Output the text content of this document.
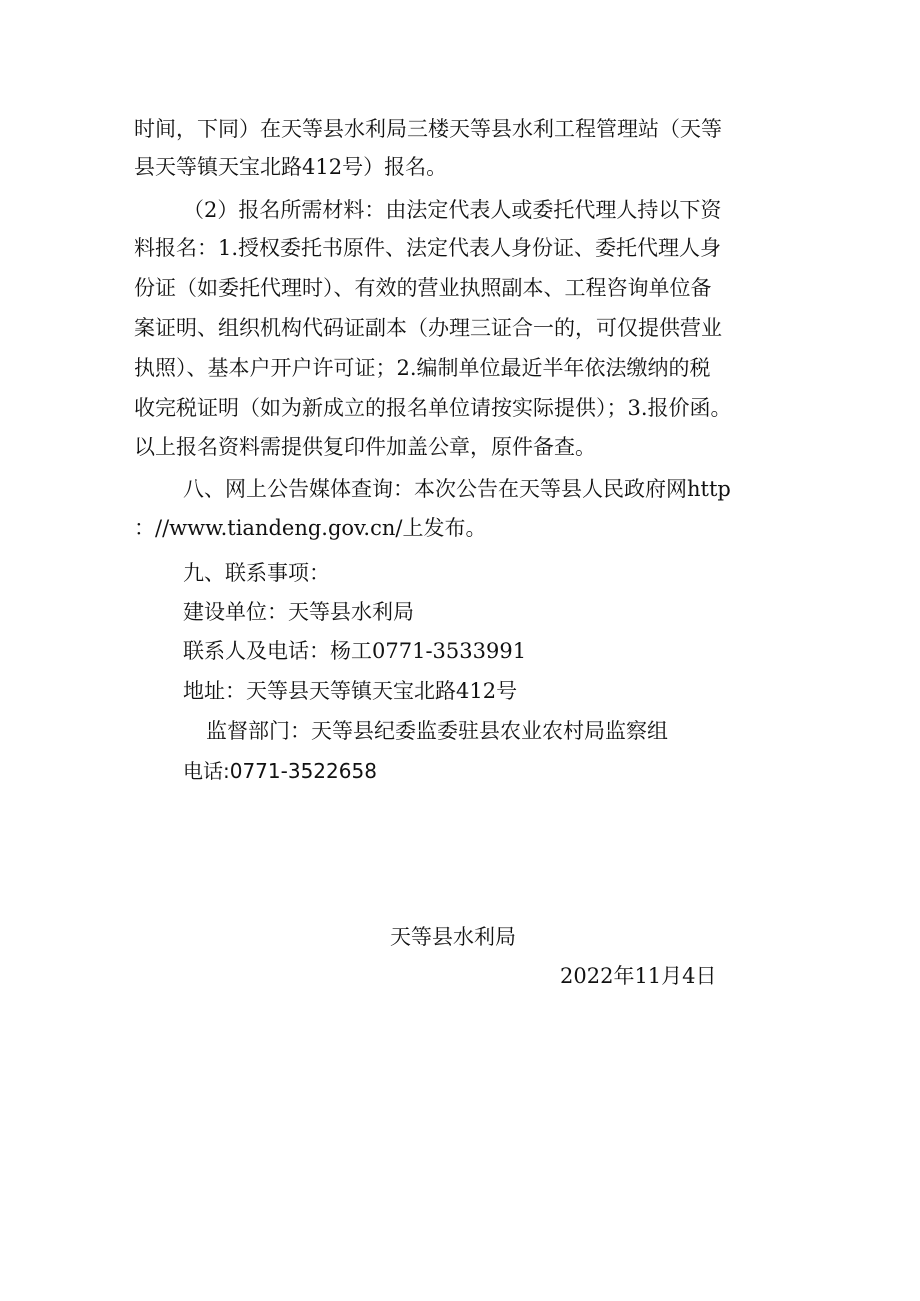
时间，下同）在天等县水利局三楼天等县水利工程管理站（天等

县天等镇天宝北路412号）报名。

（2）报名所需材料：由法定代表人或委托代理人持以下资

料报名：1.授权委托书原件、法定代表人身份证、委托代理人身

份证（如委托代理时）、有效的营业执照副本、工程咨询单位备

案证明、组织机构代码证副本（办理三证合一的，可仅提供营业

执照）、基本户开户许可证；2.编制单位最近半年依法缴纳的税

收完税证明（如为新成立的报名单位请按实际提供）；3.报价函。

以上报名资料需提供复印件加盖公章，原件备查。

八、网上公告媒体查询：本次公告在天等县人民政府网http

：//www.tiandeng.gov.cn/上发布。

九、联系事项：

建设单位：天等县水利局

联系人及电话：杨工0771-3533991

地址：天等县天等镇天宝北路412号

监督部门：天等县纪委监委驻县农业农村局监察组

电话:0771-3522658

天等县水利局

2022年11月4日
